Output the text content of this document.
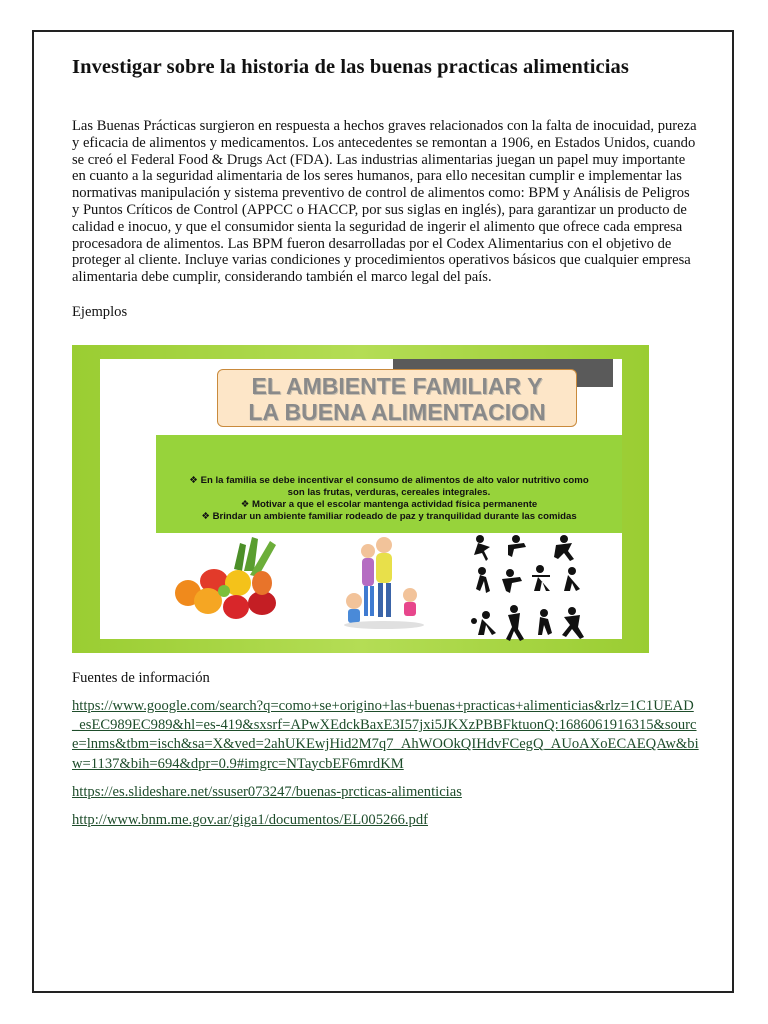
Investigar sobre la historia de las buenas practicas alimenticias
Las Buenas Prácticas surgieron en respuesta a hechos graves relacionados con la falta de inocuidad, pureza y eficacia de alimentos y medicamentos. Los antecedentes se remontan a 1906, en Estados Unidos, cuando se creó el Federal Food & Drugs Act (FDA). Las industrias alimentarias juegan un papel muy importante en cuanto a la seguridad alimentaria de los seres humanos, para ello necesitan cumplir e implementar las normativas manipulación y sistema preventivo de control de alimentos como: BPM y Análisis de Peligros y Puntos Críticos de Control (APPCC o HACCP, por sus siglas en inglés), para garantizar un producto de calidad e inocuo, y que el consumidor sienta la seguridad de ingerir el alimento que ofrece cada empresa procesadora de alimentos. Las BPM fueron desarrolladas por el Codex Alimentarius con el objetivo de proteger al cliente. Incluye varias condiciones y procedimientos operativos básicos que cualquier empresa alimentaria debe cumplir, considerando también el marco legal del país.
Ejemplos
EL AMBIENTE FAMILIAR Y
LA BUENA ALIMENTACION
❖ En la familia se debe incentivar el consumo de alimentos de alto valor nutritivo como
son las frutas, verduras, cereales integrales.
❖ Motivar a que el escolar mantenga actividad física permanente
❖ Brindar un ambiente familiar rodeado de paz y tranquilidad durante las comidas
Fuentes de información
https://www.google.com/search?q=como+se+origino+las+buenas+practicas+alimenticias&rlz=1C1UEAD_esEC989EC989&hl=es-419&sxsrf=APwXEdckBaxE3I57jxi5JKXzPBBFktuonQ:1686061916315&source=lnms&tbm=isch&sa=X&ved=2ahUKEwjHid2M7q7_AhWOOkQIHdvFCegQ_AUoAXoECAEQAw&biw=1137&bih=694&dpr=0.9#imgrc=NTaycbEF6mrdKM
https://es.slideshare.net/ssuser073247/buenas-prcticas-alimenticias
http://www.bnm.me.gov.ar/giga1/documentos/EL005266.pdf
